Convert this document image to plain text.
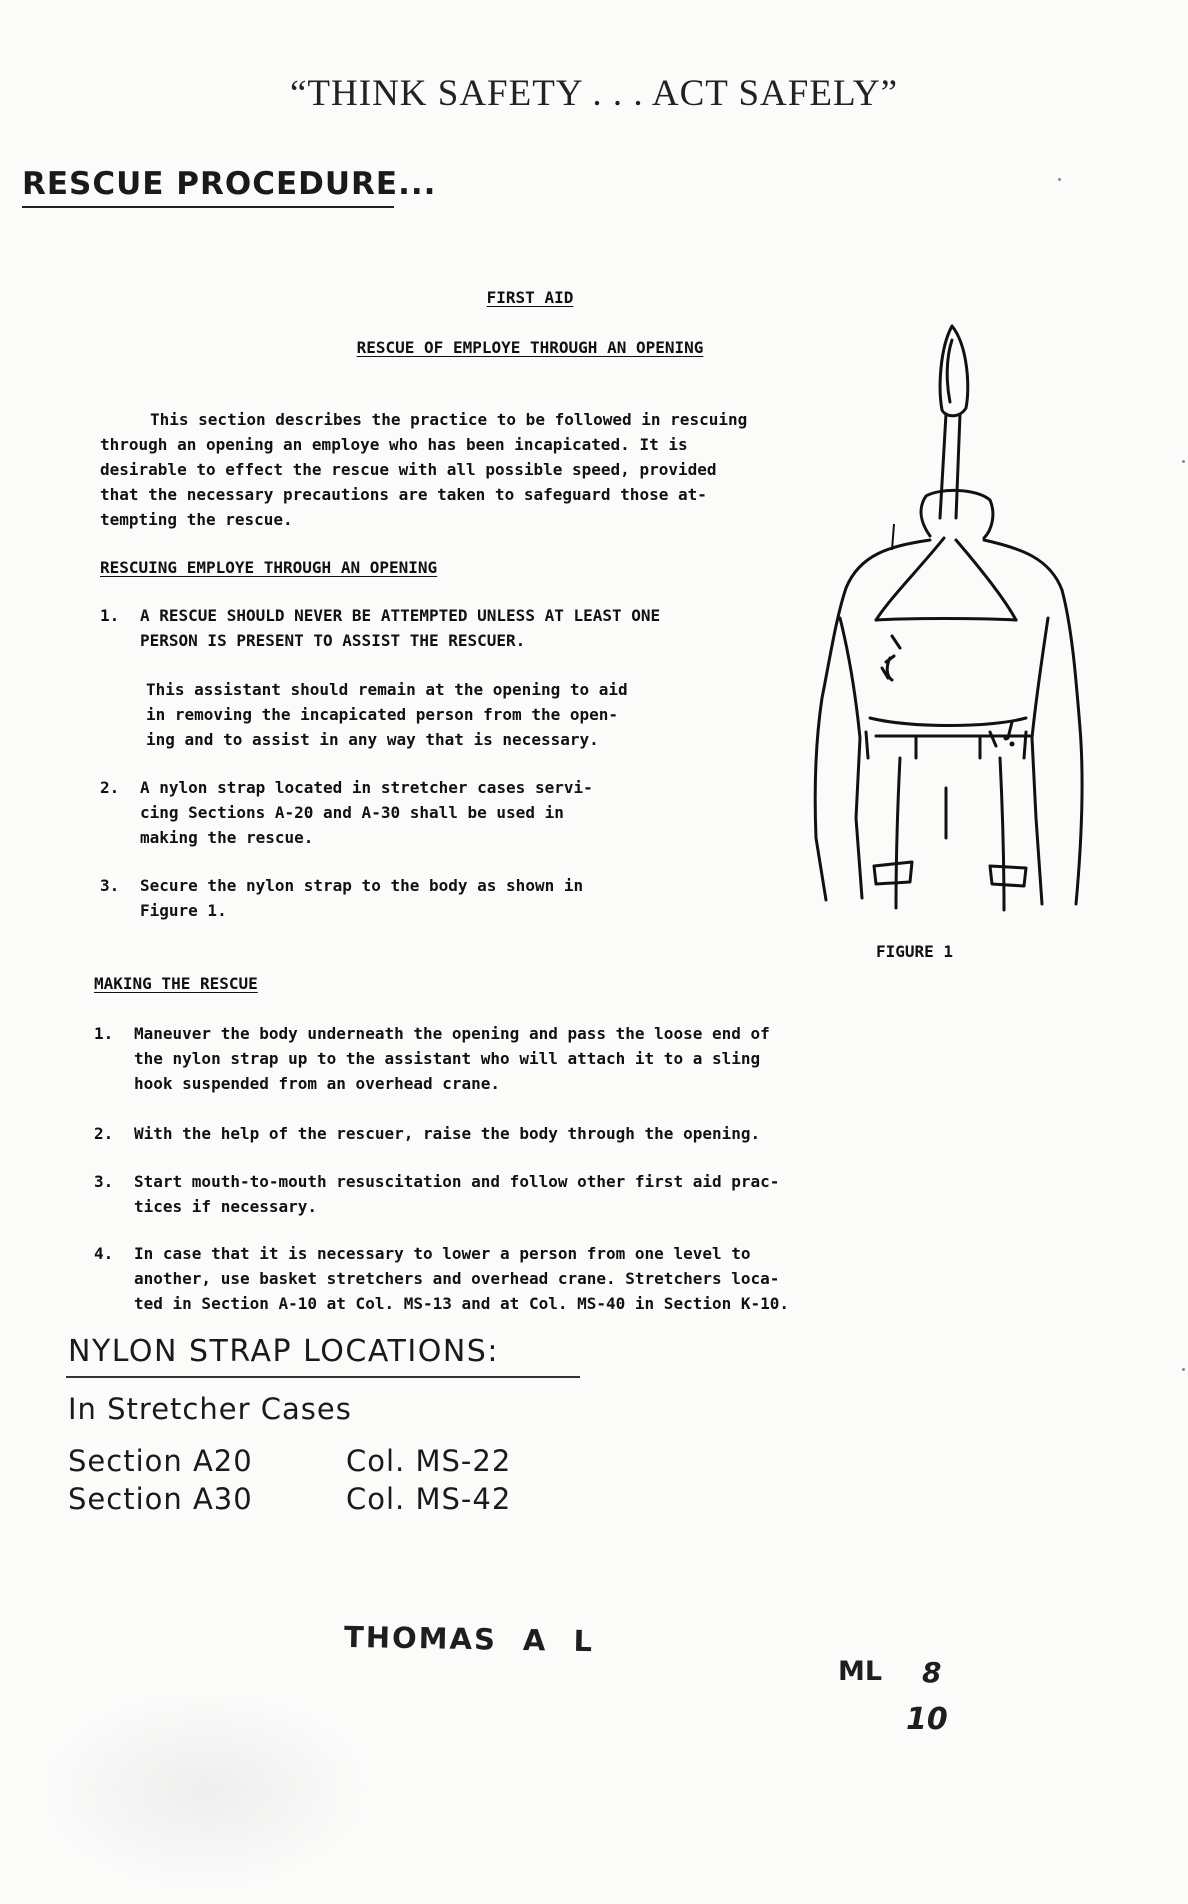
“THINK SAFETY . . . ACT SAFELY”
RESCUE PROCEDURE...
FIRST AID
RESCUE OF EMPLOYE THROUGH AN OPENING
This section describes the practice to be followed in rescuing
through an opening an employe who has been incapicated. It is
desirable to effect the rescue with all possible speed, provided
that the necessary precautions are taken to safeguard those at-
tempting the rescue.
RESCUING EMPLOYE THROUGH AN OPENING
1.	A RESCUE SHOULD NEVER BE ATTEMPTED UNLESS AT LEAST ONE
PERSON IS PRESENT TO ASSIST THE RESCUER.
This assistant should remain at the opening to aid
in removing the incapicated person from the open-
ing and to assist in any way that is necessary.
2.	A nylon strap located in stretcher cases servi-
cing Sections A-20 and A-30 shall be used in
making the rescue.
3.	Secure the nylon strap to the body as shown in
Figure 1.
FIGURE 1
MAKING THE RESCUE
1.	Maneuver the body underneath the opening and pass the loose end of
the nylon strap up to the assistant who will attach it to a sling
hook suspended from an overhead crane.
2.	With the help of the rescuer, raise the body through the opening.
3.	Start mouth-to-mouth resuscitation and follow other first aid prac-
tices if necessary.
4.	In case that it is necessary to lower a person from one level to
another, use basket stretchers and overhead crane. Stretchers loca-
ted in Section A-10 at Col. MS-13 and at Col. MS-40 in Section K-10.
NYLON STRAP LOCATIONS:
In Stretcher Cases
Section A20	Col. MS-22
Section A30	Col. MS-42
THOMAS A L
ML 8
10
